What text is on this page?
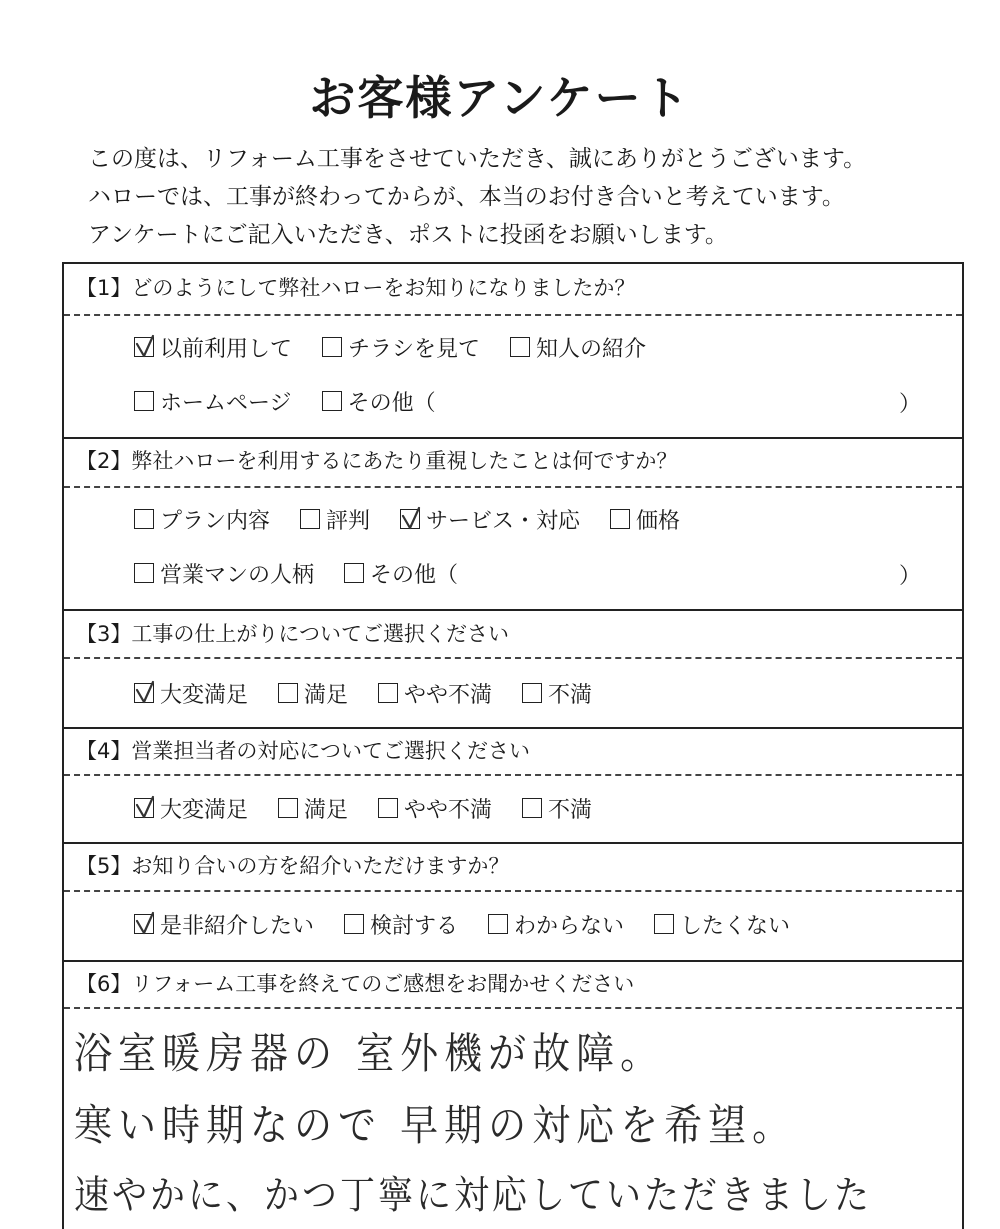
お客様アンケート
この度は、リフォーム工事をさせていただき、誠にありがとうございます。
ハローでは、工事が終わってからが、本当のお付き合いと考えています。
アンケートにご記入いただき、ポストに投函をお願いします。
【1】どのようにして弊社ハローをお知りになりましたか？
以前利用して	チラシを見て	知人の紹介
ホームページ	その他（	）
【2】弊社ハローを利用するにあたり重視したことは何ですか？
プラン内容	評判	サービス・対応	価格
営業マンの人柄	その他（	）
【3】工事の仕上がりについてご選択ください
大変満足	満足	やや不満	不満
【4】営業担当者の対応についてご選択ください
大変満足	満足	やや不満	不満
【5】お知り合いの方を紹介いただけますか？
是非紹介したい	検討する	わからない	したくない
【6】リフォーム工事を終えてのご感想をお聞かせください
浴室暖房器の 室外機が故障。
寒い時期なので 早期の対応を希望。
速やかに、かつ丁寧に対応していただきました
